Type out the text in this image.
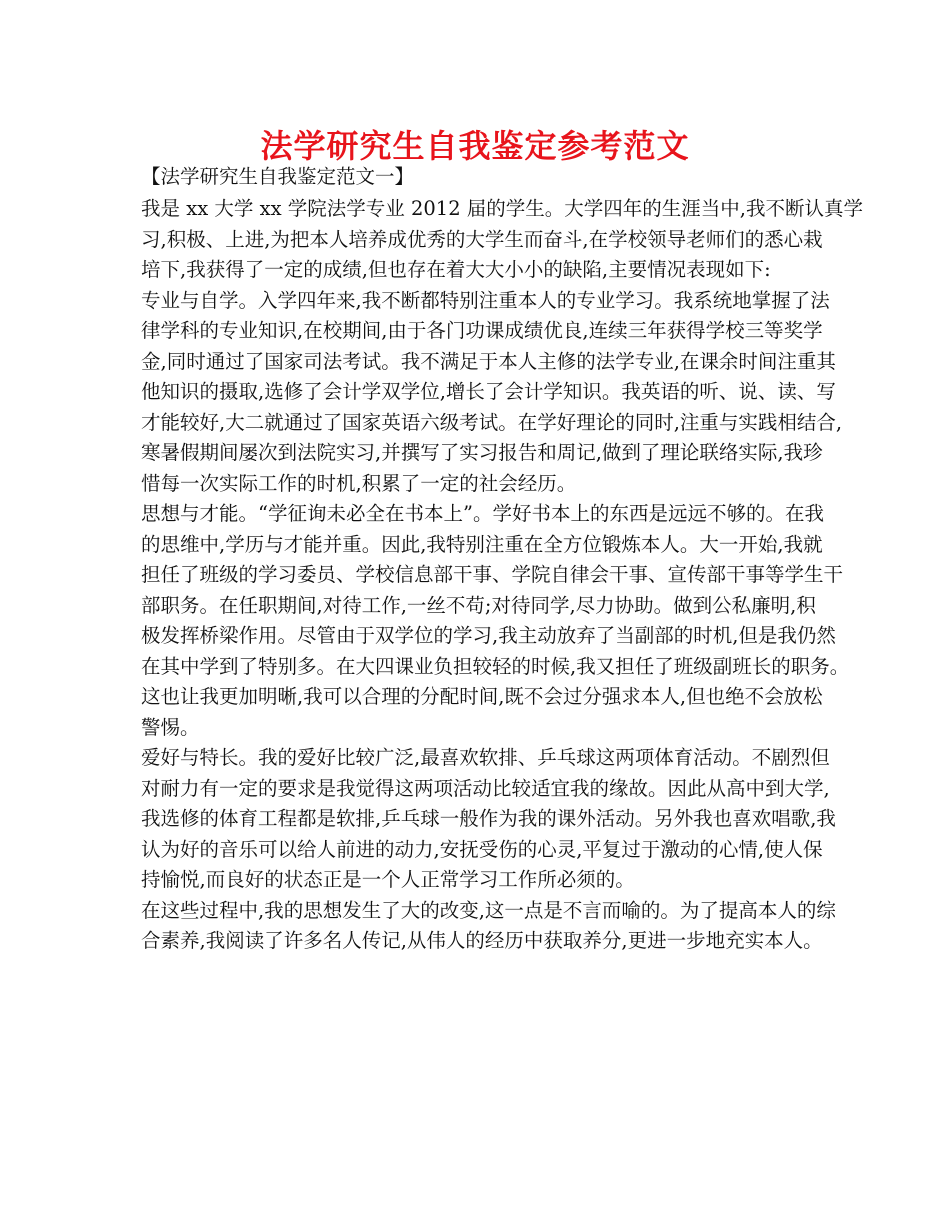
法学研究生自我鉴定参考范文
【法学研究生自我鉴定范文一】
我是 xx 大学 xx 学院法学专业 2012 届的学生。大学四年的生涯当中,我不断认真学
习,积极、上进,为把本人培养成优秀的大学生而奋斗,在学校领导老师们的悉心栽
培下,我获得了一定的成绩,但也存在着大大小小的缺陷,主要情况表现如下:
专业与自学。入学四年来,我不断都特别注重本人的专业学习。我系统地掌握了法
律学科的专业知识,在校期间,由于各门功课成绩优良,连续三年获得学校三等奖学
金,同时通过了国家司法考试。我不满足于本人主修的法学专业,在课余时间注重其
他知识的摄取,选修了会计学双学位,增长了会计学知识。我英语的听、说、读、写
才能较好,大二就通过了国家英语六级考试。在学好理论的同时,注重与实践相结合,
寒暑假期间屡次到法院实习,并撰写了实习报告和周记,做到了理论联络实际,我珍
惜每一次实际工作的时机,积累了一定的社会经历。
思想与才能。“学征询未必全在书本上”。学好书本上的东西是远远不够的。在我
的思维中,学历与才能并重。因此,我特别注重在全方位锻炼本人。大一开始,我就
担任了班级的学习委员、学校信息部干事、学院自律会干事、宣传部干事等学生干
部职务。在任职期间,对待工作,一丝不苟;对待同学,尽力协助。做到公私廉明,积
极发挥桥梁作用。尽管由于双学位的学习,我主动放弃了当副部的时机,但是我仍然
在其中学到了特别多。在大四课业负担较轻的时候,我又担任了班级副班长的职务。
这也让我更加明晰,我可以合理的分配时间,既不会过分强求本人,但也绝不会放松
警惕。
爱好与特长。我的爱好比较广泛,最喜欢软排、乒乓球这两项体育活动。不剧烈但
对耐力有一定的要求是我觉得这两项活动比较适宜我的缘故。因此从高中到大学,
我选修的体育工程都是软排,乒乓球一般作为我的课外活动。另外我也喜欢唱歌,我
认为好的音乐可以给人前进的动力,安抚受伤的心灵,平复过于激动的心情,使人保
持愉悦,而良好的状态正是一个人正常学习工作所必须的。
在这些过程中,我的思想发生了大的改变,这一点是不言而喻的。为了提高本人的综
合素养,我阅读了许多名人传记,从伟人的经历中获取养分,更进一步地充实本人。
